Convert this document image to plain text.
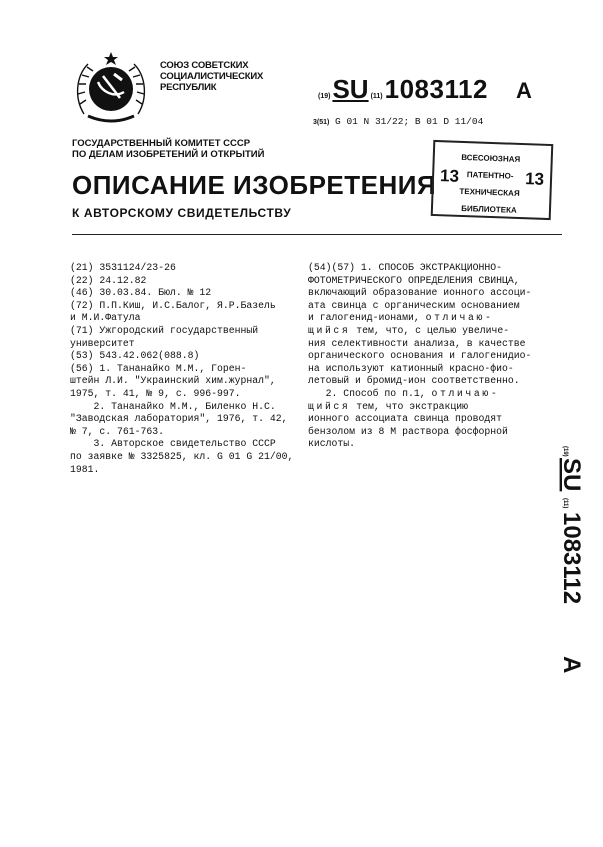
СОЮЗ СОВЕТСКИХ
СОЦИАЛИСТИЧЕСКИХ
РЕСПУБЛИК
(19) SU (11) 1083112 A
3(51) G 01 N 31/22; B 01 D 11/04
ГОСУДАРСТВЕННЫЙ КОМИТЕТ СССР
ПО ДЕЛАМ ИЗОБРЕТЕНИЙ И ОТКРЫТИЙ
ОПИСАНИЕ ИЗОБРЕТЕНИЯ
К АВТОРСКОМУ СВИДЕТЕЛЬСТВУ
13
ВСЕСОЮЗНАЯ
ПАТЕНТНО-
ТЕХНИЧЕСКАЯ
БИБЛИОТЕКА
13
(21) 3531124/23-26
(22) 24.12.82
(46) 30.03.84. Бюл. № 12
(72) П.П.Киш, И.С.Балог, Я.Р.Базель
и М.И.Фатула
(71) Ужгородский государственный
университет
(53) 543.42.062(088.8)
(56) 1. Тананайко М.М., Горен-
штейн Л.И. "Украинский хим.журнал",
1975, т. 41, № 9, с. 996-997.
2. Тананайко М.М., Биленко Н.С.
"Заводская лаборатория", 1976, т. 42,
№ 7, с. 761-763.
3. Авторское свидетельство СССР
по заявке № 3325825, кл. G 01 G 21/00,
1981.
(54)(57) 1. СПОСОБ ЭКСТРАКЦИОННО-
ФОТОМЕТРИЧЕСКОГО ОПРЕДЕЛЕНИЯ СВИНЦА,
включающий образование ионного ассоци-
ата свинца с органическим основанием
и галогенид-ионами, отличаю-
щийся тем, что, с целью увеличе-
ния селективности анализа, в качестве
органического основания и галогенидио-
на используют катионный красно-фио-
летовый и бромид-ион соответственно.
2. Способ по п.1, отличаю-
щийся тем, что экстракцию
ионного ассоциата свинца проводят
бензолом из 8 М раствора фосфорной
кислоты.
(19)
SU
(11)
1083112
A
